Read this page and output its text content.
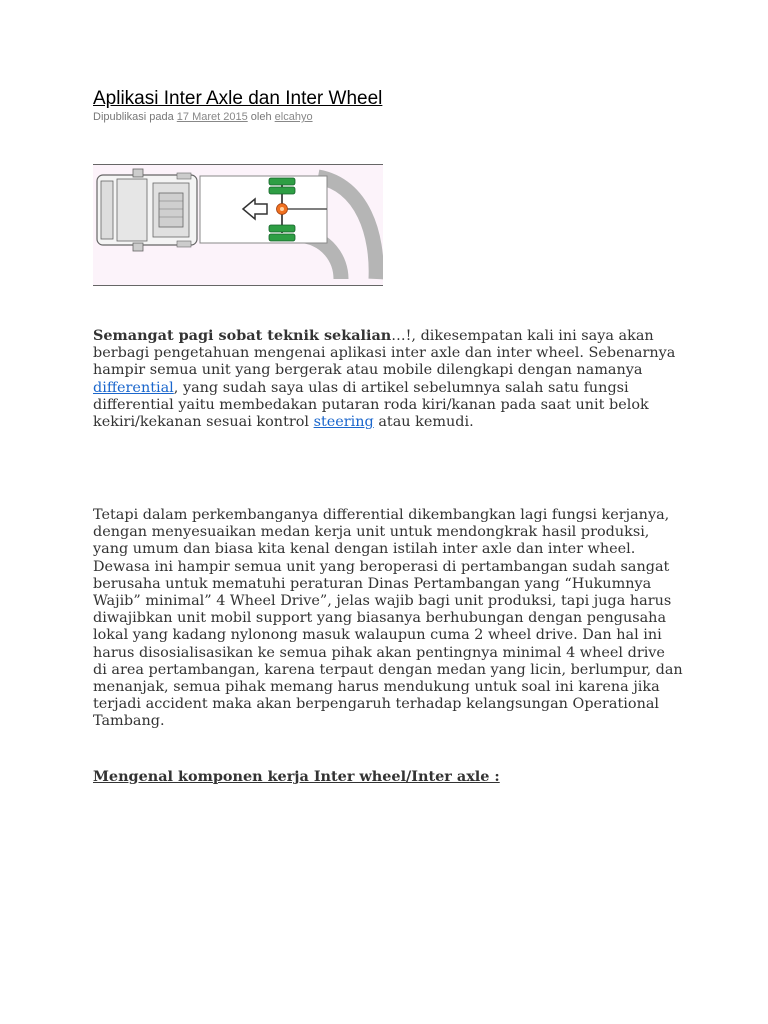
Aplikasi Inter Axle dan Inter Wheel
Dipublikasi pada 17 Maret 2015 oleh elcahyo

Semangat pagi sobat teknik sekalian…!, dikesempatan kali ini saya akan berbagi pengetahuan mengenai aplikasi inter axle dan inter wheel. Sebenarnya hampir semua unit yang bergerak atau mobile dilengkapi dengan namanya differential, yang sudah saya ulas di artikel sebelumnya salah satu fungsi differential yaitu membedakan putaran roda kiri/kanan pada saat unit belok kekiri/kekanan sesuai kontrol steering atau kemudi.

Tetapi dalam perkembanganya differential dikembangkan lagi fungsi kerjanya, dengan menyesuaikan medan kerja unit untuk mendongkrak hasil produksi, yang umum dan biasa kita kenal dengan istilah inter axle dan inter wheel. Dewasa ini hampir semua unit yang beroperasi di pertambangan sudah sangat berusaha untuk mematuhi peraturan Dinas Pertambangan yang “Hukumnya Wajib” minimal” 4 Wheel Drive”, jelas wajib bagi unit produksi, tapi juga harus diwajibkan unit mobil support yang biasanya berhubungan dengan pengusaha lokal yang kadang nylonong masuk walaupun cuma 2 wheel drive. Dan hal ini harus disosialisasikan ke semua pihak akan pentingnya minimal 4 wheel drive di area pertambangan, karena terpaut dengan medan yang licin, berlumpur, dan menanjak, semua pihak memang harus mendukung untuk soal ini karena jika terjadi accident maka akan berpengaruh terhadap kelangsungan Operational Tambang.

Mengenal komponen kerja Inter wheel/Inter axle :
